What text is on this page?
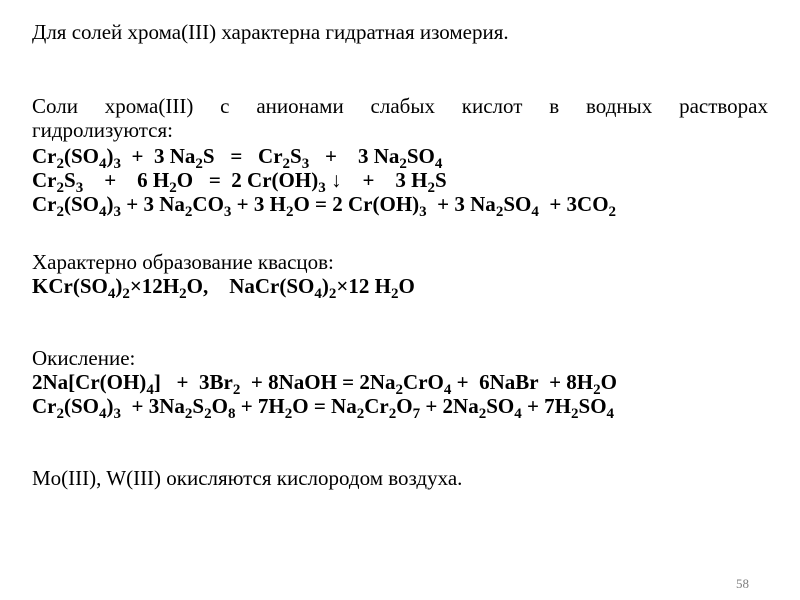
Для солей хрома(III) характерна гидратная изомерия.
Соли хрома(III) с анионами слабых кислот в водных растворах
гидролизуются:
$Cr_2(SO_4)_3 + 3$ $Na_2S = Cr_2S_3$   +    3 $Na_2SO_4$
$Cr_2S_3$    +    6 $H_2O = 2$ $Cr(OH)_3$ ↓    +    3 $H_2S$
$Cr_2(SO_4)_3 + 3$ $Na_2CO_3 + 3$ $H_2O = 2$ $Cr(OH)_3 + 3$ $Na_2SO_4 + 3CO_2$
Характерно образование квасцов:
$KCr(SO_4)_2\times 12H_2O$,    $NaCr(SO_4)_2\times 12$ $H_2O$
Окисление:
$2Na[Cr(OH)_4] + 3Br_2$  + 8NaOH = $2Na_2CrO_4$ +  6NaBr  + $8H_2O$
$Cr_2(SO_4)_3 + 3Na_2S_2O_8 + 7H_2O = Na_2Cr_2O_7 + 2Na_2SO_4 + 7H_2SO_4$
Mo(III), W(III) окисляются кислородом воздуха.
58
